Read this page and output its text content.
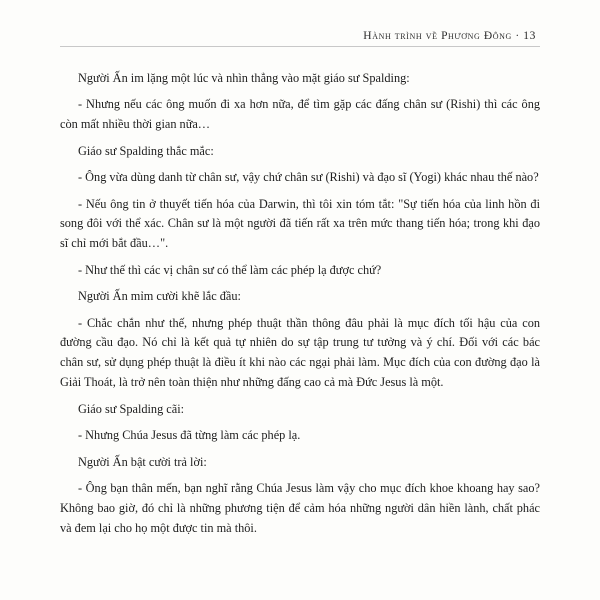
Hành trình về Phương Đông · 13

Người Ấn im lặng một lúc và nhìn thẳng vào mặt giáo sư Spalding:

- Nhưng nếu các ông muốn đi xa hơn nữa, để tìm gặp các đấng chân sư (Rishi) thì các ông còn mất nhiều thời gian nữa…

Giáo sư Spalding thắc mắc:

- Ông vừa dùng danh từ chân sư, vậy chứ chân sư (Rishi) và đạo sĩ (Yogi) khác nhau thế nào?

- Nếu ông tin ở thuyết tiến hóa của Darwin, thì tôi xin tóm tắt: "Sự tiến hóa của linh hồn đi song đôi với thể xác. Chân sư là một người đã tiến rất xa trên mức thang tiến hóa; trong khi đạo sĩ chỉ mới bắt đầu…".

- Như thế thì các vị chân sư có thể làm các phép lạ được chứ?

Người Ấn mỉm cười khẽ lắc đầu:

- Chắc chắn như thế, nhưng phép thuật thần thông đâu phải là mục đích tối hậu của con đường cầu đạo. Nó chỉ là kết quả tự nhiên do sự tập trung tư tưởng và ý chí. Đối với các bác chân sư, sử dụng phép thuật là điều ít khi nào các ngại phải làm. Mục đích của con đường đạo là Giải Thoát, là trở nên toàn thiện như những đấng cao cả mà Đức Jesus là một.

Giáo sư Spalding cãi:

- Nhưng Chúa Jesus đã từng làm các phép lạ.

Người Ấn bật cười trả lời:

- Ông bạn thân mến, bạn nghĩ rằng Chúa Jesus làm vậy cho mục đích khoe khoang hay sao? Không bao giờ, đó chỉ là những phương tiện để cảm hóa những người dân hiền lành, chất phác và đem lại cho họ một được tin mà thôi.
